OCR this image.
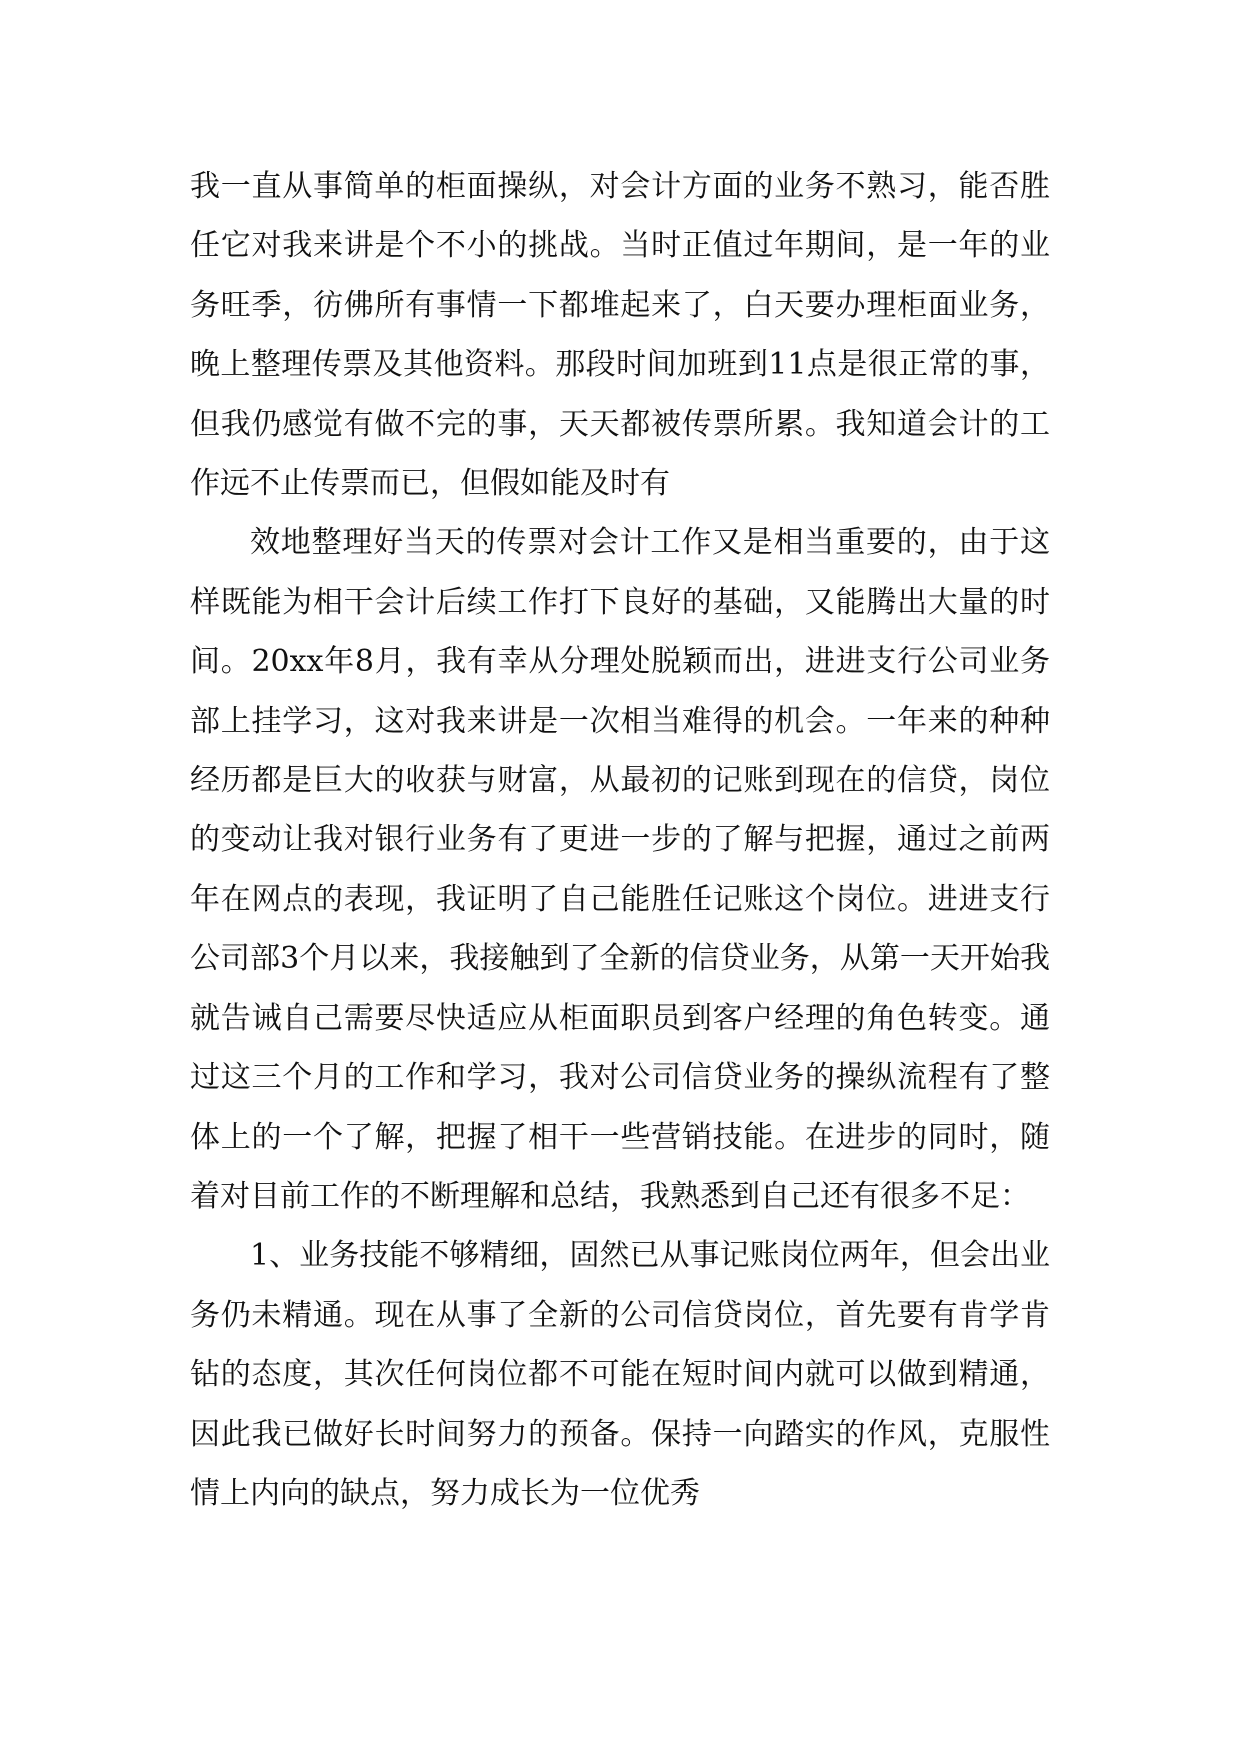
我一直从事简单的柜面操纵，对会计方面的业务不熟习，能否胜任它对我来讲是个不小的挑战。当时正值过年期间，是一年的业务旺季，彷佛所有事情一下都堆起来了，白天要办理柜面业务，晚上整理传票及其他资料。那段时间加班到11点是很正常的事，但我仍感觉有做不完的事，天天都被传票所累。我知道会计的工作远不止传票而已，但假如能及时有

效地整理好当天的传票对会计工作又是相当重要的，由于这样既能为相干会计后续工作打下良好的基础，又能腾出大量的时间。20xx年8月，我有幸从分理处脱颖而出，进进支行公司业务部上挂学习，这对我来讲是一次相当难得的机会。一年来的种种经历都是巨大的收获与财富，从最初的记账到现在的信贷，岗位的变动让我对银行业务有了更进一步的了解与把握，通过之前两年在网点的表现，我证明了自己能胜任记账这个岗位。进进支行公司部3个月以来，我接触到了全新的信贷业务，从第一天开始我就告诫自己需要尽快适应从柜面职员到客户经理的角色转变。通过这三个月的工作和学习，我对公司信贷业务的操纵流程有了整体上的一个了解，把握了相干一些营销技能。在进步的同时，随着对目前工作的不断理解和总结，我熟悉到自己还有很多不足：

1、业务技能不够精细，固然已从事记账岗位两年，但会出业务仍未精通。现在从事了全新的公司信贷岗位，首先要有肯学肯钻的态度，其次任何岗位都不可能在短时间内就可以做到精通，因此我已做好长时间努力的预备。保持一向踏实的作风，克服性情上内向的缺点，努力成长为一位优秀
